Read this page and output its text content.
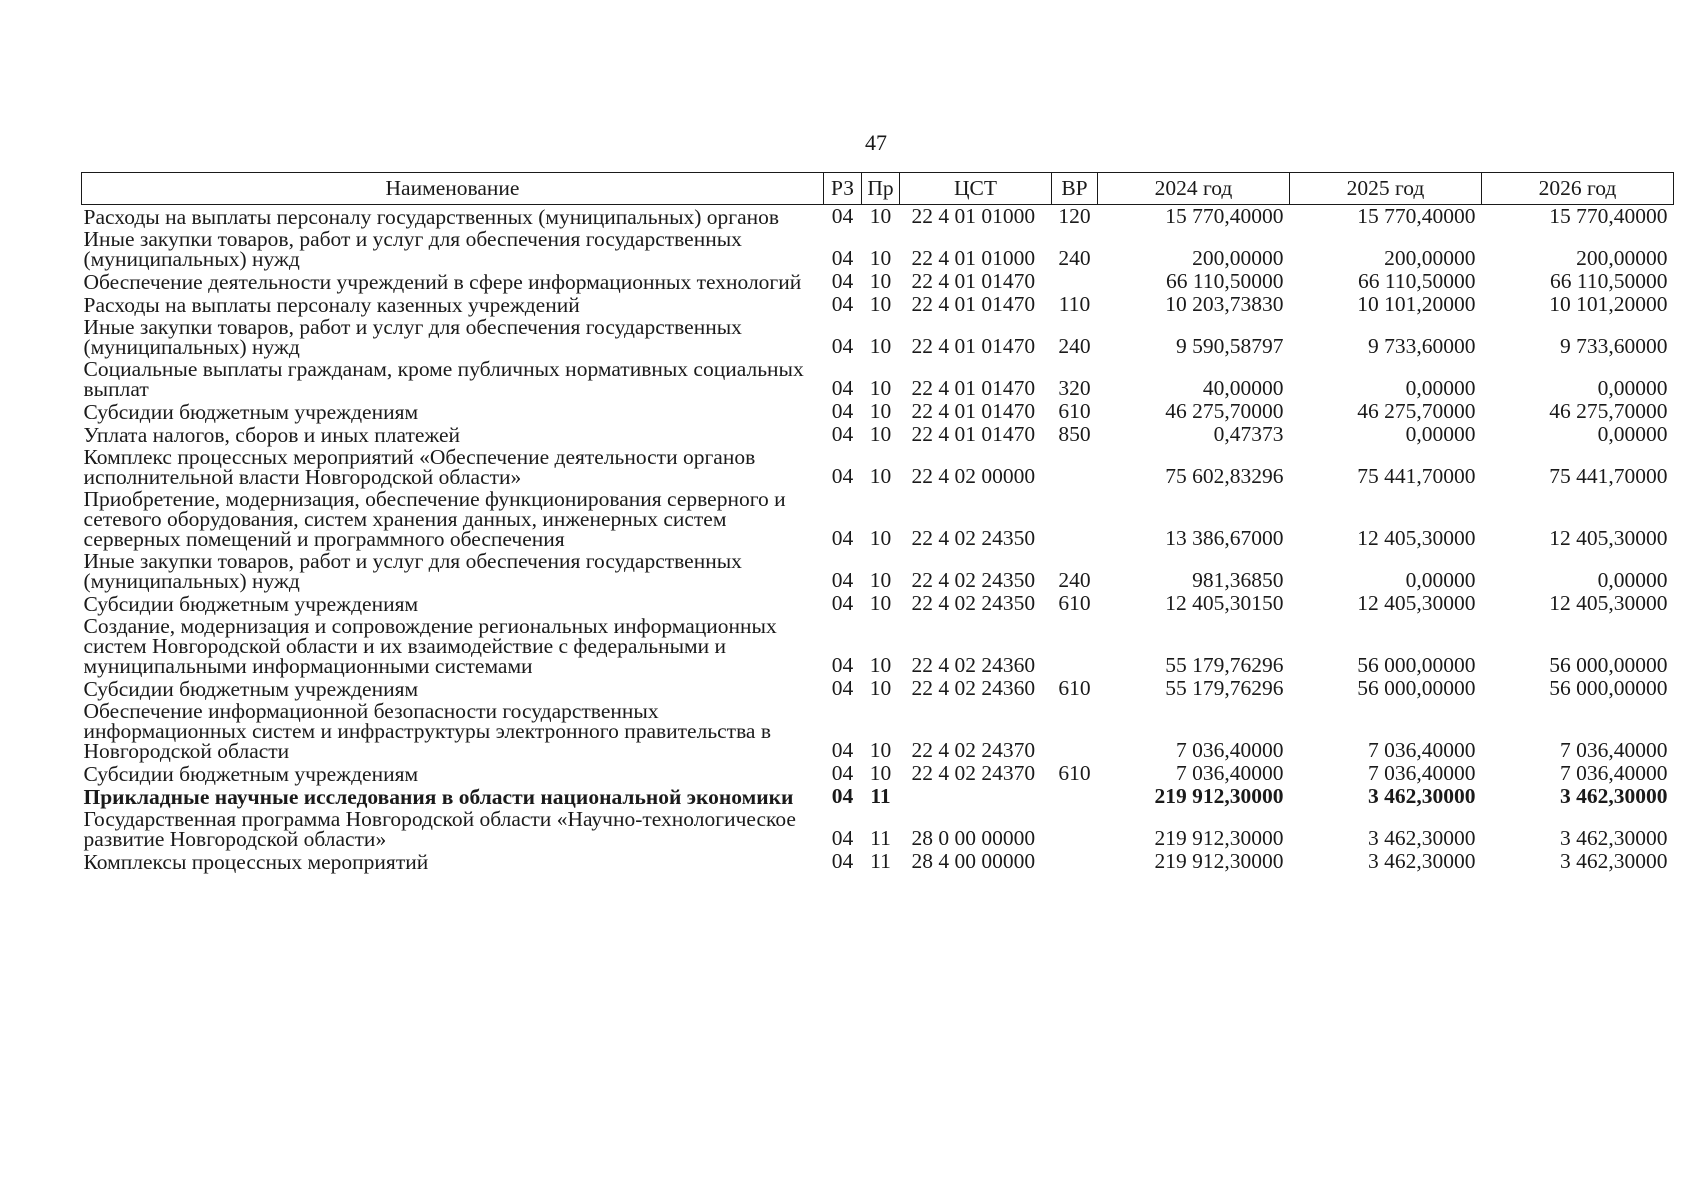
47
Наименование	РЗ	Пр	ЦСТ	ВР	2024 год	2025 год	2026 год
Расходы на выплаты персоналу государственных (муниципальных) органов	04	10	22 4 01 01000	120	15 770,40000	15 770,40000	15 770,40000
Иные закупки товаров, работ и услуг для обеспечения государственных (муниципальных) нужд	04	10	22 4 01 01000	240	200,00000	200,00000	200,00000
Обеспечение деятельности учреждений в сфере информационных технологий	04	10	22 4 01 01470		66 110,50000	66 110,50000	66 110,50000
Расходы на выплаты персоналу казенных учреждений	04	10	22 4 01 01470	110	10 203,73830	10 101,20000	10 101,20000
Иные закупки товаров, работ и услуг для обеспечения государственных (муниципальных) нужд	04	10	22 4 01 01470	240	9 590,58797	9 733,60000	9 733,60000
Социальные выплаты гражданам, кроме публичных нормативных социальных выплат	04	10	22 4 01 01470	320	40,00000	0,00000	0,00000
Субсидии бюджетным учреждениям	04	10	22 4 01 01470	610	46 275,70000	46 275,70000	46 275,70000
Уплата налогов, сборов и иных платежей	04	10	22 4 01 01470	850	0,47373	0,00000	0,00000
Комплекс процессных мероприятий «Обеспечение деятельности органов исполнительной власти Новгородской области»	04	10	22 4 02 00000		75 602,83296	75 441,70000	75 441,70000
Приобретение, модернизация, обеспечение функционирования серверного и сетевого оборудования, систем хранения данных, инженерных систем серверных помещений и программного обеспечения	04	10	22 4 02 24350		13 386,67000	12 405,30000	12 405,30000
Иные закупки товаров, работ и услуг для обеспечения государственных (муниципальных) нужд	04	10	22 4 02 24350	240	981,36850	0,00000	0,00000
Субсидии бюджетным учреждениям	04	10	22 4 02 24350	610	12 405,30150	12 405,30000	12 405,30000
Создание, модернизация и сопровождение региональных информационных систем Новгородской области и их взаимодействие с федеральными и муниципальными информационными системами	04	10	22 4 02 24360		55 179,76296	56 000,00000	56 000,00000
Субсидии бюджетным учреждениям	04	10	22 4 02 24360	610	55 179,76296	56 000,00000	56 000,00000
Обеспечение информационной безопасности государственных информационных систем и инфраструктуры электронного правительства в Новгородской области	04	10	22 4 02 24370		7 036,40000	7 036,40000	7 036,40000
Субсидии бюджетным учреждениям	04	10	22 4 02 24370	610	7 036,40000	7 036,40000	7 036,40000
Прикладные научные исследования в области национальной экономики	04	11			219 912,30000	3 462,30000	3 462,30000
Государственная программа Новгородской области «Научно-технологическое развитие Новгородской области»	04	11	28 0 00 00000		219 912,30000	3 462,30000	3 462,30000
Комплексы процессных мероприятий	04	11	28 4 00 00000		219 912,30000	3 462,30000	3 462,30000
